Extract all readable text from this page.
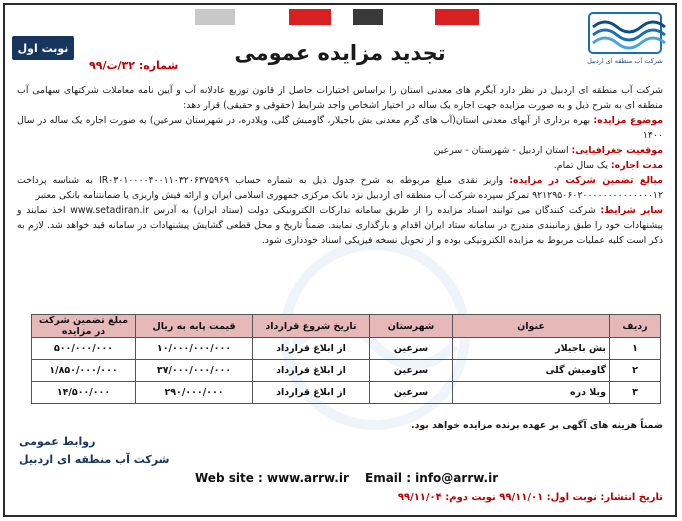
شرکت آب منطقه ای اردبیل
نوبت اول	تجدید مزایده عمومی
شماره: ۳۲/ت/۹۹

شرکت آب منطقه ای اردبیل در نظر دارد آبگرم های معدنی استان را براساس اختیارات حاصل از قانون توزیع عادلانه آب و آیین نامه معاملات شرکتهای سهامی آب منطقه ای به شرح ذیل و به صورت مزایده جهت اجاره یک ساله در اختیار اشخاص واجد شرایط (حقوقی و حقیقی) قرار دهد:

موضوع مزایده: بهره برداری از آبهای معدنی استان(آب های گرم معدنی بش باجیلار، گاومیش گلی، ویلادره، در شهرستان سرعین) به صورت اجاره یک ساله در سال ۱۴۰۰

موقعیت جغرافیایی: استان اردبیل - شهرستان - سرعین

مدت اجاره: یک سال تمام.

مبالغ تضمین شرکت در مزایده: واریز نقدی مبلغ مربوطه به شرح جدول ذیل به شماره حساب IR۰۳۰۱۰۰۰۰۴۰۰۱۱۰۳۲۰۶۳۷۵۹۶۹ به شناسه پرداخت ۹۲۱۲۹۵۰۶۰۲۰۰۰۰۰۰۰۰۰۰۰۰۰۰۱۲ تمرکز سپرده شرکت آب منطقه ای اردبیل نزد بانک مرکزی جمهوری اسلامی ایران و ارائه فیش واریزی یا ضمانتنامه بانکی معتبر

سایر شرایط: شرکت کنندگان می توانند اسناد مزایده را از طریق سامانه تدارکات الکترونیکی دولت (ستاد ایران) به آدرس www.setadiran.ir اخذ نمایند و پیشنهادات خود را طبق زمانبندی مندرج در سامانه ستاد ایران اقدام و بارگذاری نمایند. ضمناً تاریخ و محل قطعی گشایش پیشنهادات در سامانه قید خواهد شد. لازم به ذکر است کلیه عملیات مربوط به مزایده الکترونیکی بوده و از تحویل نسخه فیزیکی اسناد خودداری شود.

ردیف	عنوان	شهرستان	تاریخ شروع قرارداد	قیمت پایه به ریال	مبلغ تضمین شرکت در مزایده
۱	بش باجیلار	سرعین	از ابلاغ قرارداد	۱۰/۰۰۰/۰۰۰/۰۰۰	۵۰۰/۰۰۰/۰۰۰
۲	گاومیش گلی	سرعین	از ابلاغ قرارداد	۳۷/۰۰۰/۰۰۰/۰۰۰	۱/۸۵۰/۰۰۰/۰۰۰
۳	ویلا دره	سرعین	از ابلاغ قرارداد	۲۹۰/۰۰۰/۰۰۰	۱۴/۵۰۰/۰۰۰
ضمناً هزینه های آگهی بر عهده برنده مزایده خواهد بود.
روابط عمومی
شرکت آب منطقه ای اردبیل
Web site : www.arrw.ir Email : info@arrw.ir
تاریخ انتشار: نوبت اول: ۹۹/۱۱/۰۱ نوبت دوم: ۹۹/۱۱/۰۴
